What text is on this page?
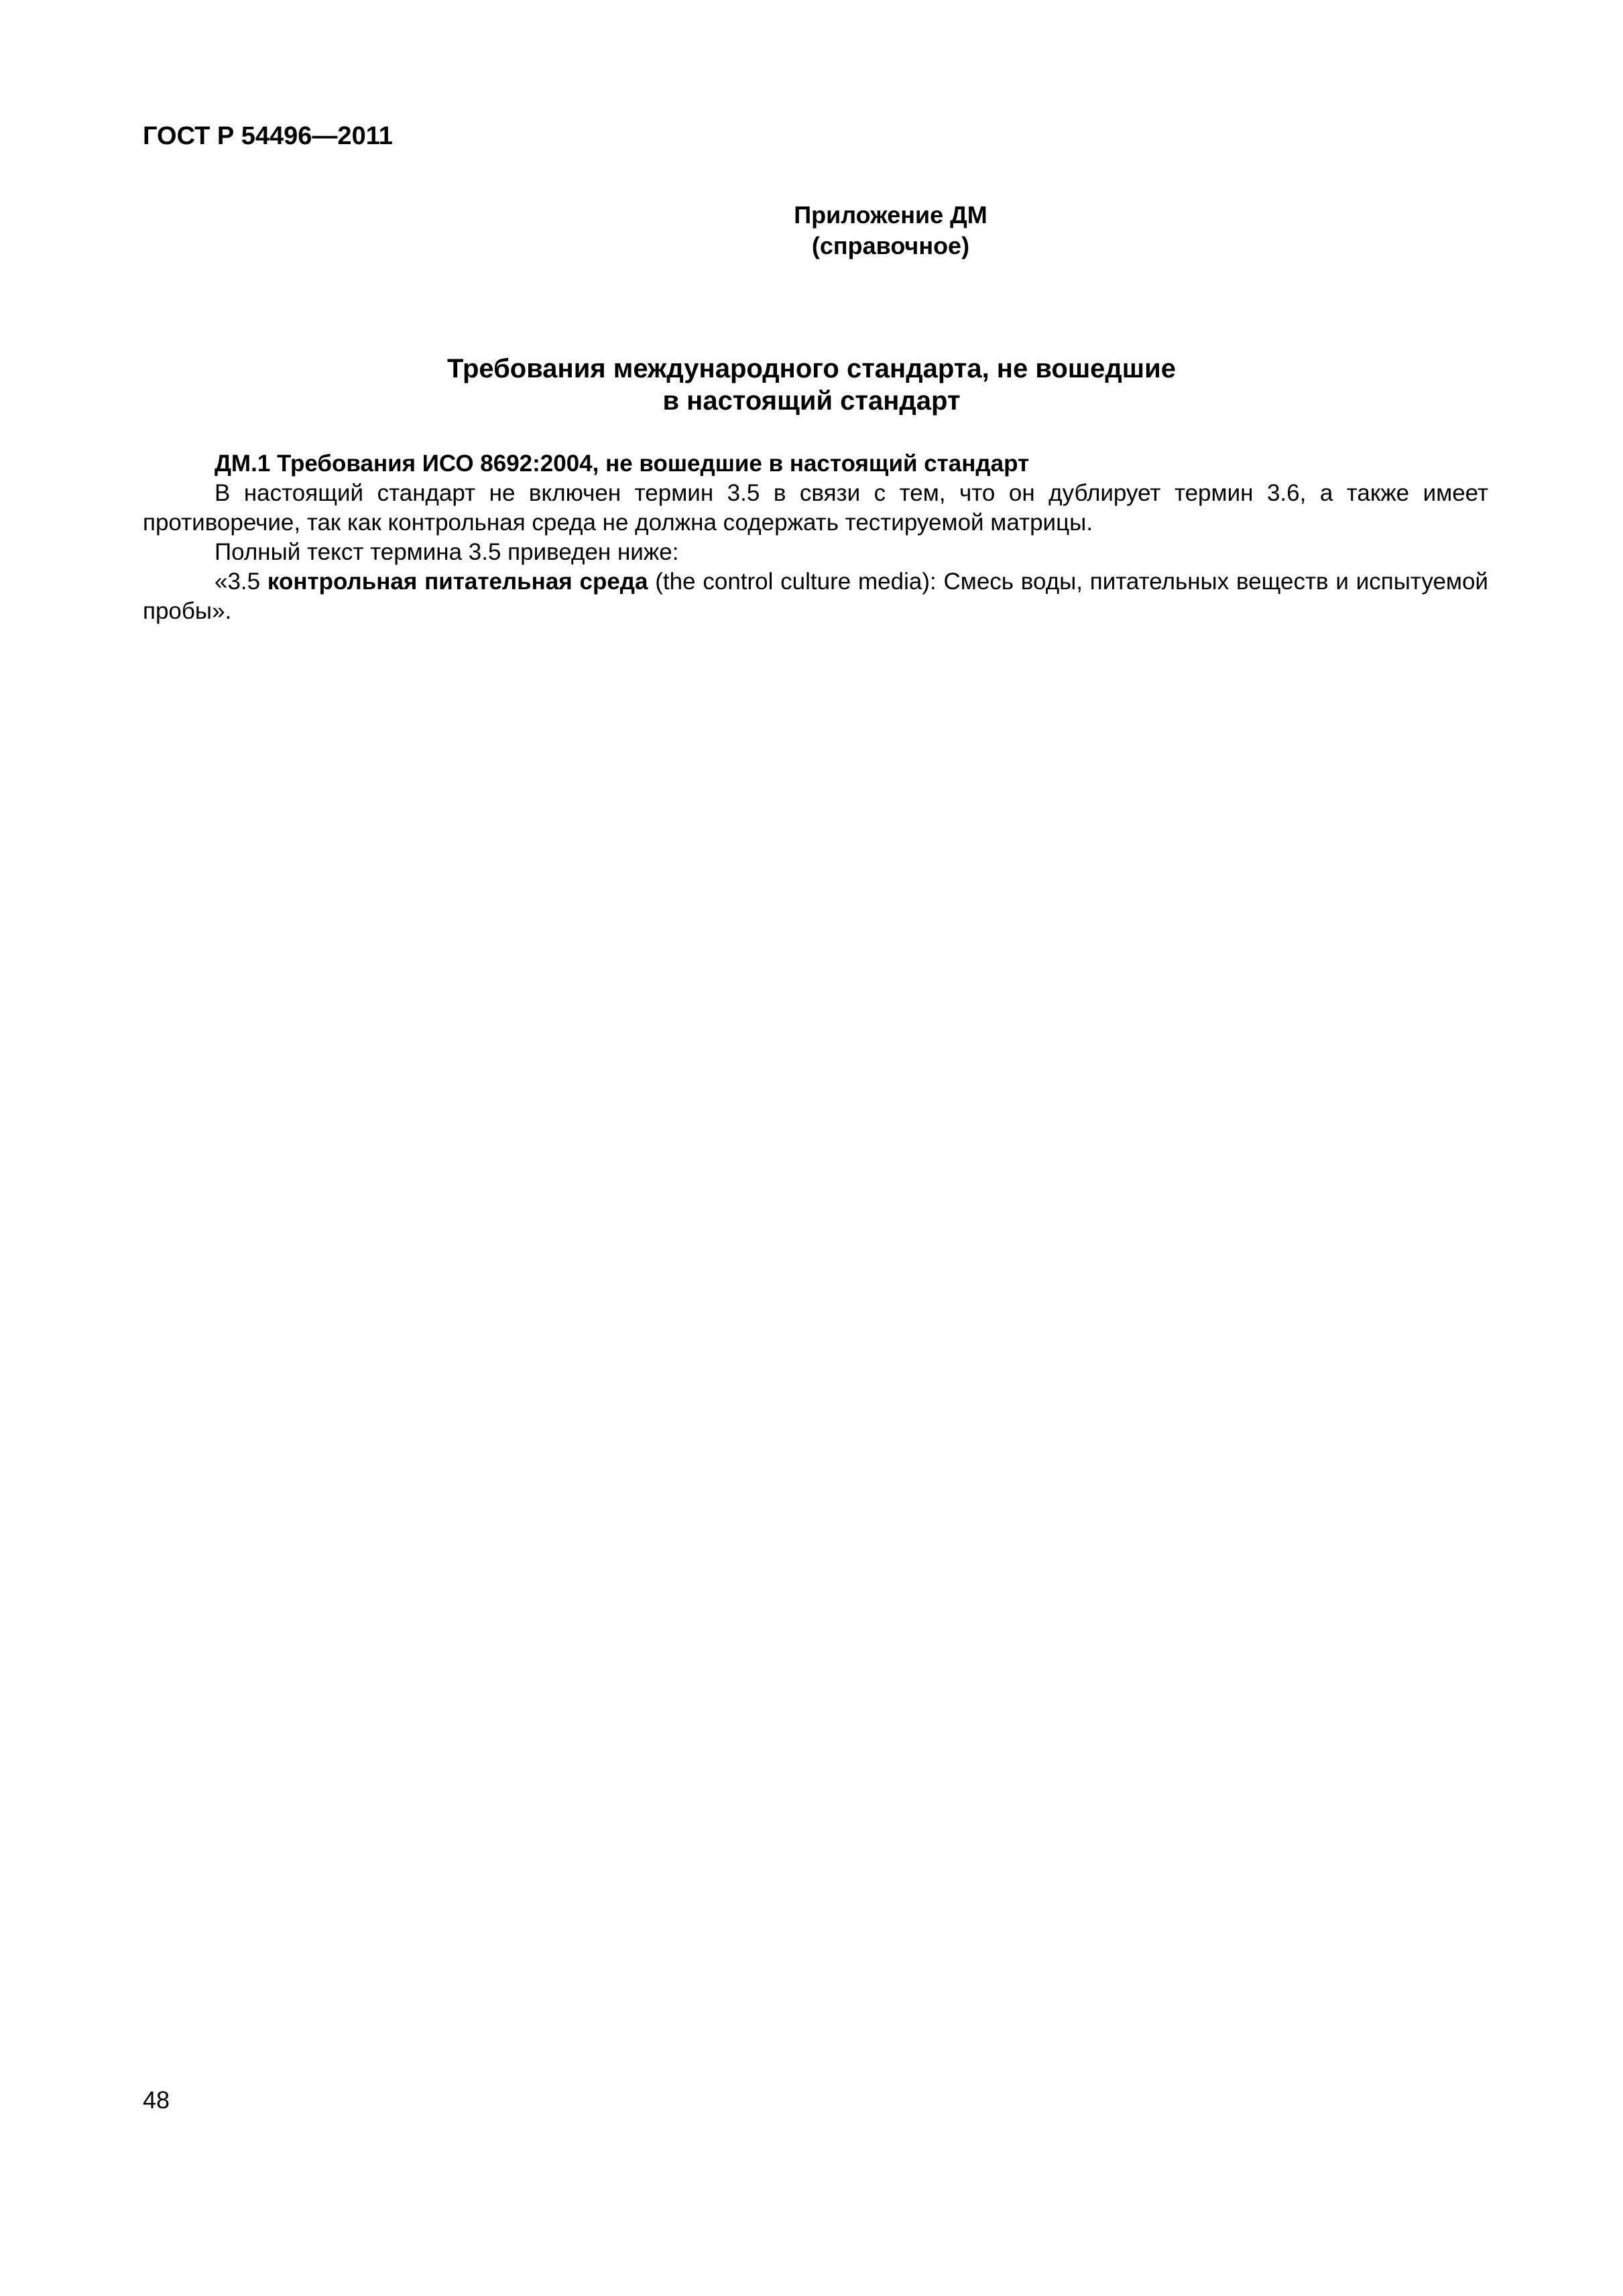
ГОСТ Р 54496—2011
Приложение ДМ
(справочное)
Требования международного стандарта, не вошедшие
в настоящий стандарт

ДМ.1 Требования ИСО 8692:2004, не вошедшие в настоящий стандарт

В настоящий стандарт не включен термин 3.5 в связи с тем, что он дублирует термин 3.6, а также имеет противоречие, так как контрольная среда не должна содержать тестируемой матрицы.

Полный текст термина 3.5 приведен ниже:

«3.5 контрольная питательная среда (the control culture media): Смесь воды, питательных веществ и испытуемой пробы».

48
